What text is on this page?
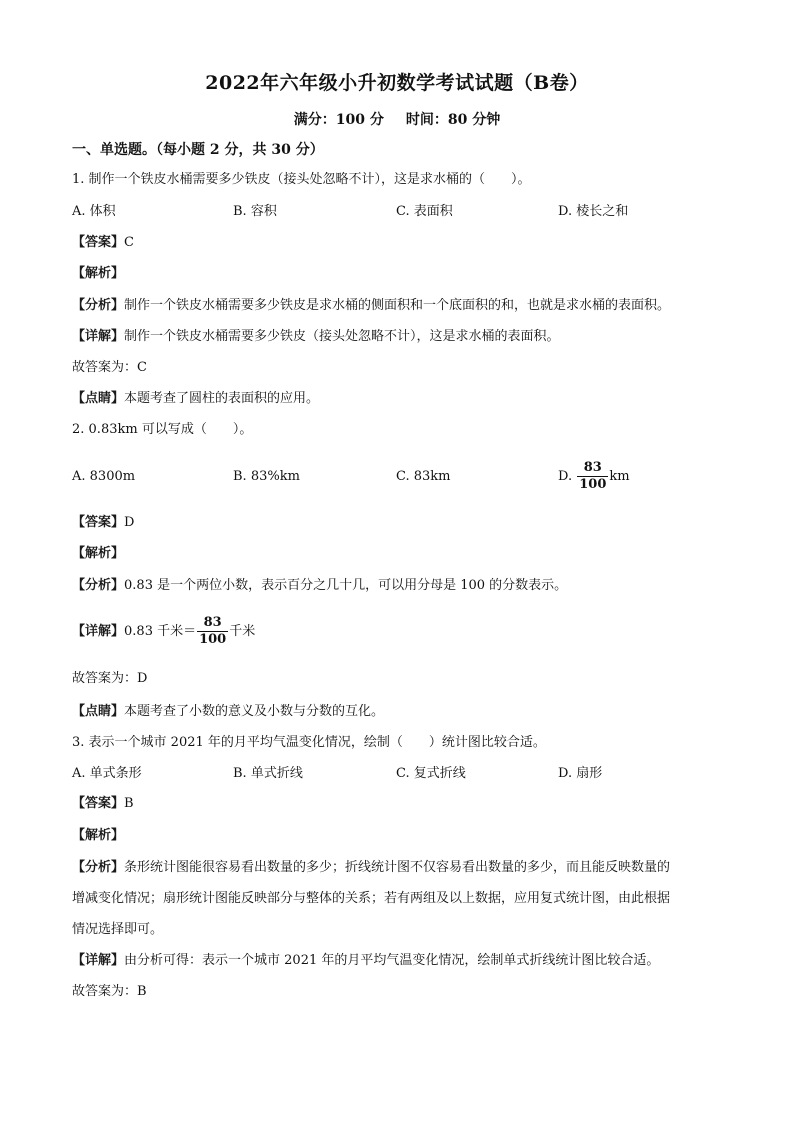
2022年六年级小升初数学考试试题（B卷）
满分：100 分 时间：80 分钟
一、单选题。（每小题 2 分，共 30 分）
1. 制作一个铁皮水桶需要多少铁皮（接头处忽略不计），这是求水桶的（　　）。
A. 体积	B. 容积	C. 表面积	D. 棱长之和
【答案】C
【解析】
【分析】制作一个铁皮水桶需要多少铁皮是求水桶的侧面积和一个底面积的和，也就是求水桶的表面积。
【详解】制作一个铁皮水桶需要多少铁皮（接头处忽略不计），这是求水桶的表面积。
故答案为：C
【点睛】本题考查了圆柱的表面积的应用。
2. 0.83km 可以写成（　　）。
A. 8300m	B. 83%km	C. 83km	D. $\frac{83}{100}$ km
【答案】D
【解析】
【分析】0.83 是一个两位小数，表示百分之几十几，可以用分母是 100 的分数表示。
【详解】0.83 千米＝ $\frac{83}{100}$ 千米
故答案为：D
【点睛】本题考查了小数的意义及小数与分数的互化。
3. 表示一个城市 2021 年的月平均气温变化情况，绘制（　　）统计图比较合适。
A. 单式条形	B. 单式折线	C. 复式折线	D. 扇形
【答案】B
【解析】
【分析】条形统计图能很容易看出数量的多少；折线统计图不仅容易看出数量的多少，而且能反映数量的
增减变化情况；扇形统计图能反映部分与整体的关系；若有两组及以上数据，应用复式统计图，由此根据
情况选择即可。
【详解】由分析可得：表示一个城市 2021 年的月平均气温变化情况，绘制单式折线统计图比较合适。
故答案为：B
